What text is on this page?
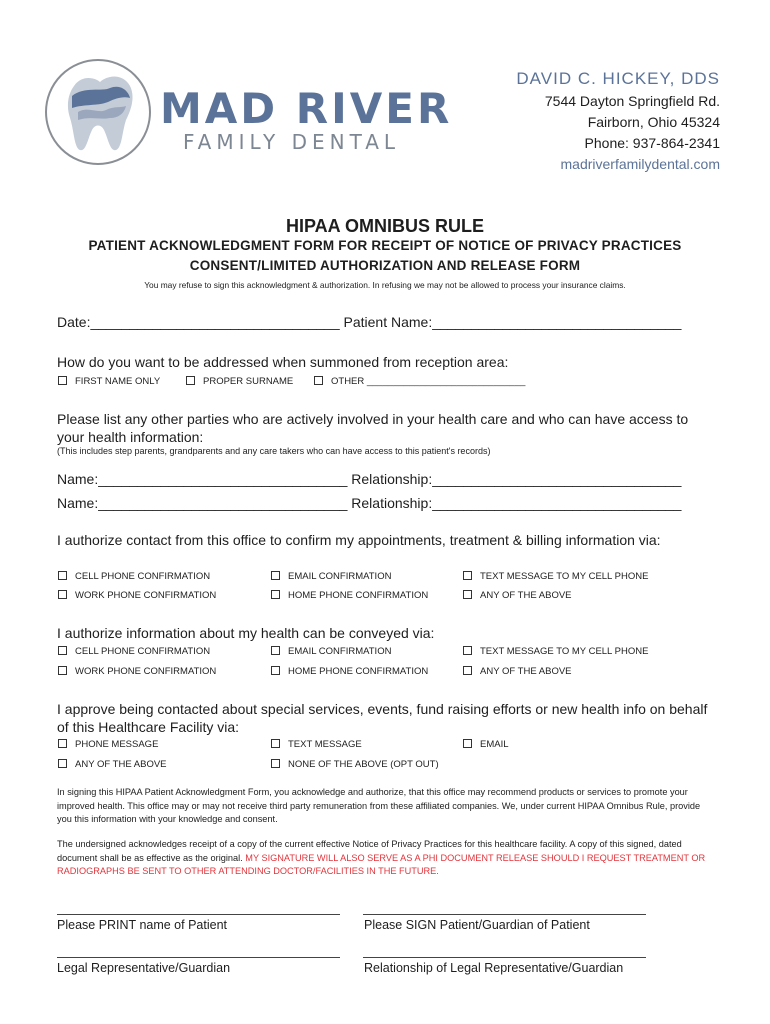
MAD RIVER
FAMILY DENTAL
DAVID C. HICKEY, DDS
7544 Dayton Springfield Rd.
Fairborn, Ohio 45324
Phone: 937-864-2341
madriverfamilydental.com
HIPAA OMNIBUS RULE
PATIENT ACKNOWLEDGMENT FORM FOR RECEIPT OF NOTICE OF PRIVACY PRACTICES
CONSENT/LIMITED AUTHORIZATION AND RELEASE FORM
You may refuse to sign this acknowledgment & authorization. In refusing we may not be allowed to process your insurance claims.
Date:________________________________ Patient Name:________________________________
How do you want to be addressed when summoned from reception area:
FIRST NAME ONLY	PROPER SURNAME	OTHER ______________________________
Please list any other parties who are actively involved in your health care and who can have access to your health information:
(This includes step parents, grandparents and any care takers who can have access to this patient's records)
Name:________________________________ Relationship:________________________________
Name:________________________________ Relationship:________________________________
I authorize contact from this office to confirm my appointments, treatment & billing information via:
CELL PHONE CONFIRMATION	EMAIL CONFIRMATION	TEXT MESSAGE TO MY CELL PHONE
WORK PHONE CONFIRMATION	HOME PHONE CONFIRMATION	ANY OF THE ABOVE
I authorize information about my health can be conveyed via:
CELL PHONE CONFIRMATION	EMAIL CONFIRMATION	TEXT MESSAGE TO MY CELL PHONE
WORK PHONE CONFIRMATION	HOME PHONE CONFIRMATION	ANY OF THE ABOVE
I approve being contacted about special services, events, fund raising efforts or new health info on behalf of this Healthcare Facility via:
PHONE MESSAGE	TEXT MESSAGE	EMAIL
ANY OF THE ABOVE	NONE OF THE ABOVE (OPT OUT)
In signing this HIPAA Patient Acknowledgment Form, you acknowledge and authorize, that this office may recommend products or services to promote your improved health. This office may or may not receive third party remuneration from these affiliated companies. We, under current HIPAA Omnibus Rule, provide you this information with your knowledge and consent.
The undersigned acknowledges receipt of a copy of the current effective Notice of Privacy Practices for this healthcare facility. A copy of this signed, dated document shall be as effective as the original. MY SIGNATURE WILL ALSO SERVE AS A PHI DOCUMENT RELEASE SHOULD I REQUEST TREATMENT OR RADIOGRAPHS BE SENT TO OTHER ATTENDING DOCTOR/FACILITIES IN THE FUTURE.
Please PRINT name of Patient	Please SIGN Patient/Guardian of Patient
Legal Representative/Guardian	Relationship of Legal Representative/Guardian
